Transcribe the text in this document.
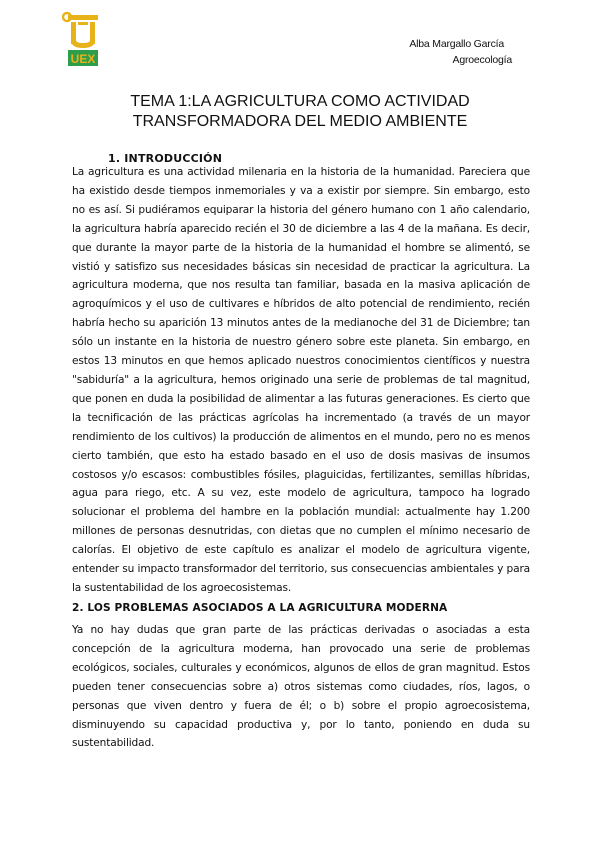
UEX
Alba Margallo García
Agroecología
TEMA 1:LA AGRICULTURA COMO ACTIVIDAD TRANSFORMADORA DEL MEDIO AMBIENTE
1. INTRODUCCIÓN

La agricultura es una actividad milenaria en la historia de la humanidad. Pareciera que ha existido desde tiempos inmemoriales y va a existir por siempre. Sin embargo, esto no es así. Si pudiéramos equiparar la historia del género humano con 1 año calendario, la agricultura habría aparecido recién el 30 de diciembre a las 4 de la mañana. Es decir, que durante la mayor parte de la historia de la humanidad el hombre se alimentó, se vistió y satisfizo sus necesidades básicas sin necesidad de practicar la agricultura. La agricultura moderna, que nos resulta tan familiar, basada en la masiva aplicación de agroquímicos y el uso de cultivares e híbridos de alto potencial de rendimiento, recién habría hecho su aparición 13 minutos antes de la medianoche del 31 de Diciembre; tan sólo un instante en la historia de nuestro género sobre este planeta. Sin embargo, en estos 13 minutos en que hemos aplicado nuestros conocimientos científicos y nuestra "sabiduría" a la agricultura, hemos originado una serie de problemas de tal magnitud, que ponen en duda la posibilidad de alimentar a las futuras generaciones. Es cierto que la tecnificación de las prácticas agrícolas ha incrementado (a través de un mayor rendimiento de los cultivos) la producción de alimentos en el mundo, pero no es menos cierto también, que esto ha estado basado en el uso de dosis masivas de insumos costosos y/o escasos: combustibles fósiles, plaguicidas, fertilizantes, semillas híbridas, agua para riego, etc. A su vez, este modelo de agricultura, tampoco ha logrado solucionar el problema del hambre en la población mundial: actualmente hay 1.200 millones de personas desnutridas, con dietas que no cumplen el mínimo necesario de calorías. El objetivo de este capítulo es analizar el modelo de agricultura vigente, entender su impacto transformador del territorio, sus consecuencias ambientales y para la sustentabilidad de los agroecosistemas.

2. LOS PROBLEMAS ASOCIADOS A LA AGRICULTURA MODERNA

Ya no hay dudas que gran parte de las prácticas derivadas o asociadas a esta concepción de la agricultura moderna, han provocado una serie de problemas ecológicos, sociales, culturales y económicos, algunos de ellos de gran magnitud. Estos pueden tener consecuencias sobre a) otros sistemas como ciudades, ríos, lagos, o personas que viven dentro y fuera de él; o b) sobre el propio agroecosistema, disminuyendo su capacidad productiva y, por lo tanto, poniendo en duda su sustentabilidad.
